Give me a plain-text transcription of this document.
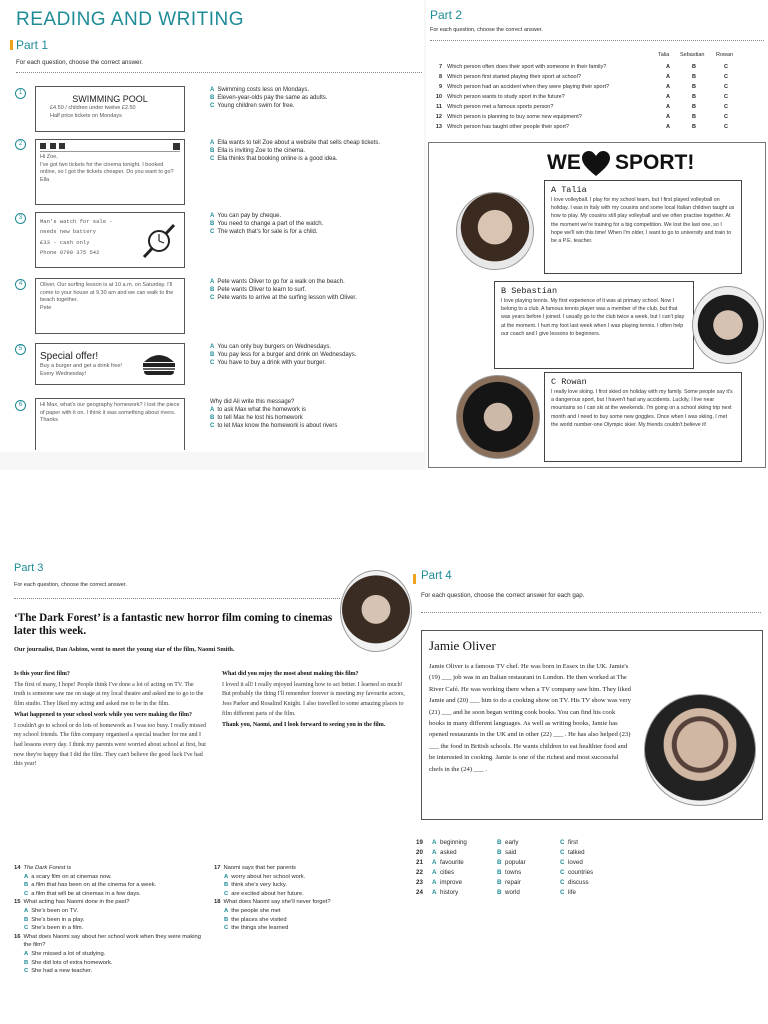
READING AND WRITING
Part 1
For each question, choose the correct answer.
1
SWIMMING POOL
£4.50 / children under twelve £2.50
Half price tickets on Mondays
A Swimming costs less on Mondays.
B Eleven-year-olds pay the same as adults.
C Young children swim for free.
2

Hi Zoe,
I've got two tickets for the cinema tonight. I booked online, so I got the tickets cheaper. Do you want to go?
Ella
A Ella wants to tell Zoe about a website that sells cheap tickets.
B Ella is inviting Zoe to the cinema.
C Ella thinks that booking online is a good idea.
3	Man's watch for sale -
needs new battery
£33 - cash only
Phone 0799 375 542
A You can pay by cheque.
B You need to change a part of the watch.
C The watch that's for sale is for a child.
4	Oliver, Our surfing lesson is at 10 a.m. on Saturday. I'll come to your house at 9.30 am and we can walk to the beach together.
Pete
A Pete wants Oliver to go for a walk on the beach.
B Pete wants Oliver to learn to surf.
C Pete wants to arrive at the surfing lesson with Oliver.
5
Special offer!
Buy a burger and get a drink free! Every Wednesday!
A You can only buy burgers on Wednesdays.
B You pay less for a burger and drink on Wednesdays.
C You have to buy a drink with your burger.
6	Hi Max, what's our geography homework? I lost the piece of paper with it on. I think it was something about rivers.
Thanks
Why did Ali write this message?
A to ask Max what the homework is
B to tell Max he lost his homework
C to let Max know the homework is about rivers
Part 2
For each question, choose the correct answer.
Talia Sebastian Rowan
7 Which person often does their sport with someone in their family?	A	B	C
8 Which person first started playing their sport at school?	A	B	C
9 Which person had an accident when they were playing their sport?	A	B	C
10 Which person wants to study sport in the future?	A	B	C
11 Which person met a famous sports person?	A	B	C
12 Which person is planning to buy some new equipment?	A	B	C
13 Which person has taught other people their sport?	A	B	C
WE SPORT!
A Talia
I love volleyball. I play for my school team, but I first played volleyball on holiday. I was in Italy with my cousins and some local Italian children taught us how to play. My cousins still play volleyball and we often practise together. At the moment we're training for a big competition. We lost the last one, so I hope we'll win this time! When I'm older, I want to go to university and train to be a P.E. teacher.
B Sebastian
I love playing tennis. My first experience of it was at primary school. Now I belong to a club. A famous tennis player was a member of the club, but that was years before I joined. I usually go to the club twice a week, but I can't play at the moment. I hurt my foot last week when I was playing tennis. I often help our coach and I give lessons to beginners.
C Rowan
I really love skiing. I first skied on holiday with my family. Some people say it's a dangerous sport, but I haven't had any accidents. Luckily, I live near mountains so I can ski at the weekends. I'm going on a school skiing trip next month and I need to buy some new goggles. Once when I was skiing, I met the world number-one Olympic skier. My friends couldn't believe it!
Part 3
For each question, choose the correct answer.
‘The Dark Forest’ is a fantastic new horror film coming to cinemas later this week.
Our journalist, Dan Ashton, went to meet the young star of the film, Naomi Smith.

Is this your first film?

The first of many, I hope! People think I've done a lot of acting on TV. The truth is someone saw me on stage at my local theatre and asked me to go to the film studio. They liked my acting and asked me to be in the film.

What happened to your school work while you were making the film?

I couldn't go to school or do lots of homework as I was too busy. I really missed my school friends. The film company organised a special teacher for me and I had lessons every day. I think my parents were worried about school at first, but now they're happy that I did the film. They can't believe the good luck I've had this year!

What did you enjoy the most about making this film?

I loved it all! I really enjoyed learning how to act better. I learned so much! But probably the thing I'll remember forever is meeting my favourite actors, Jess Parker and Rosalind Knight. I also travelled to some amazing places to film different parts of the film.

Thank you, Naomi, and I look forward to seeing you in the film.

14 The Dark Forest is
A a scary film on at cinemas now.
B a film that has been on at the cinema for a week.
C a film that will be at cinemas in a few days.
15 What acting has Naomi done in the past?
A She's been on TV.
B She's been in a play.
C She's been in a film.
16 What does Naomi say about her school work when they were making the film?
A She missed a lot of studying.
B She did lots of extra homework.
C She had a new teacher.
17 Naomi says that her parents
A worry about her school work.
B think she's very lucky.
C are excited about her future.
18 What does Naomi say she'll never forget?
A the people she met
B the places she visited
C the things she learned
Part 4
For each question, choose the correct answer for each gap.
Jamie Oliver
Jamie Oliver is a famous TV chef. He was born in Essex in the UK. Jamie's (19) ___ job was in an Italian restaurant in London. He then worked at The River Café. He was working there when a TV company saw him. They liked Jamie and (20) ___ him to do a cooking show on TV. His TV show was very (21) ___ and he soon began writing cook books. You can find his cook books in many different languages. As well as writing books, Jamie has opened restaurants in the UK and in other (22) ___ . He has also helped (23) ___ the food in British schools. He wants children to eat healthier food and be interested in cooking. Jamie is one of the richest and most successful chefs in the (24) ___ .
19 A beginning	B early	C first
20 A asked	B said	C talked
21 A favourite	B popular	C loved
22 A cities	B towns	C countries
23 A improve	B repair	C discuss
24 A history	B world	C life
